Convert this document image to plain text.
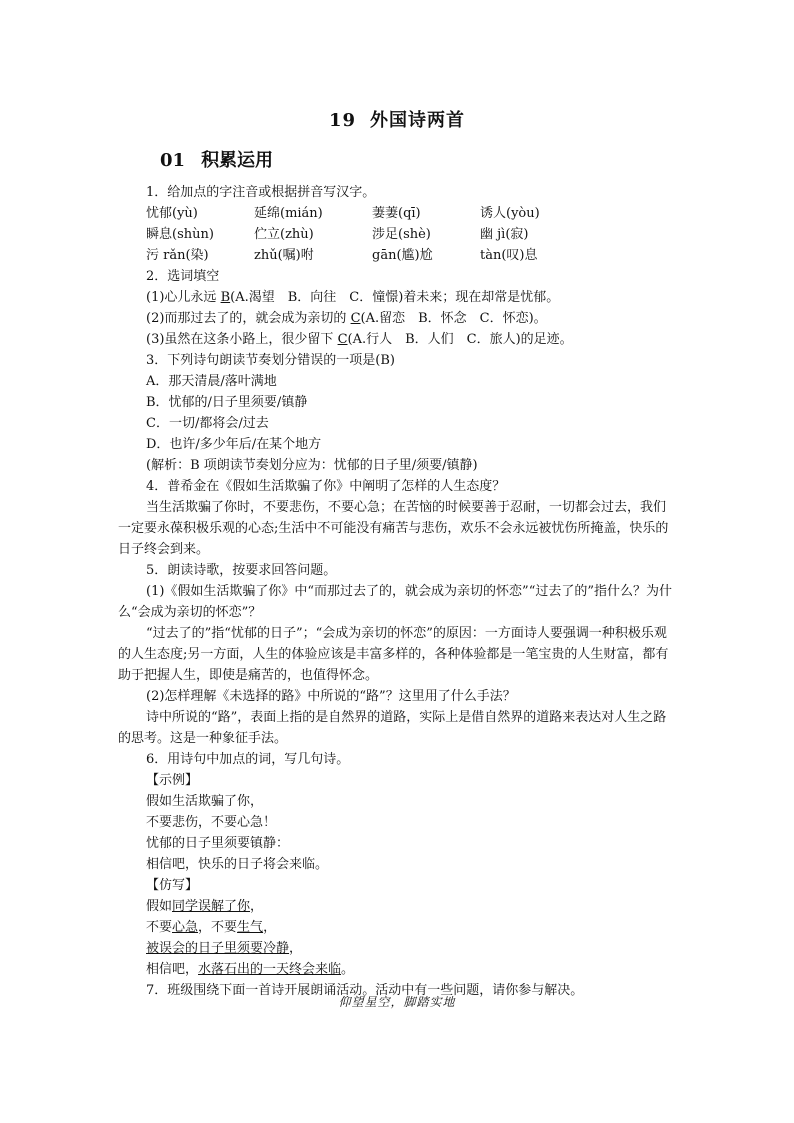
19 外国诗两首
01 积累运用
1．给加点的字注音或根据拼音写汉字。
忧郁(yù)	延绵(mián)	萋萋(qī)	诱人(yòu)
瞬息(shùn)	伫立(zhù)	涉足(shè)	幽 jì(寂)
污 rǎn(染)	zhǔ(嘱)咐	gān(尴)尬	tàn(叹)息
2．选词填空
(1)心儿永远 B(A.渴望　B．向往　C．憧憬)着未来；现在却常是忧郁。
(2)而那过去了的，就会成为亲切的 C(A.留恋　B．怀念　C．怀恋)。
(3)虽然在这条小路上，很少留下 C(A.行人　B．人们　C．旅人)的足迹。
3．下列诗句朗读节奏划分错误的一项是(B)
A．那天清晨/落叶满地
B．忧郁的/日子里须要/镇静
C．一切/都将会/过去
D．也许/多少年后/在某个地方
(解析：B 项朗读节奏划分应为：忧郁的日子里/须要/镇静)
4．普希金在《假如生活欺骗了你》中阐明了怎样的人生态度？
当生活欺骗了你时，不要悲伤，不要心急；在苦恼的时候要善于忍耐，一切都会过去，我们一定要永葆积极乐观的心态;生活中不可能没有痛苦与悲伤，欢乐不会永远被忧伤所掩盖，快乐的日子终会到来。
5．朗读诗歌，按要求回答问题。
(1)《假如生活欺骗了你》中“而那过去了的，就会成为亲切的怀恋”“过去了的”指什么？为什么“会成为亲切的怀恋”？
“过去了的”指“忧郁的日子”；“会成为亲切的怀恋”的原因：一方面诗人要强调一种积极乐观的人生态度;另一方面，人生的体验应该是丰富多样的，各种体验都是一笔宝贵的人生财富，都有助于把握人生，即使是痛苦的，也值得怀念。
(2)怎样理解《未选择的路》中所说的“路”？这里用了什么手法？
诗中所说的“路”，表面上指的是自然界的道路，实际上是借自然界的道路来表达对人生之路的思考。这是一种象征手法。
6．用诗句中加点的词，写几句诗。
【示例】
假如生活欺骗了你，
不要悲伤，不要心急！
忧郁的日子里须要镇静：
相信吧，快乐的日子将会来临。
【仿写】
假如同学误解了你，
不要心急，不要生气，
被误会的日子里须要冷静，
相信吧，水落石出的一天终会来临。
7．班级围绕下面一首诗开展朗诵活动。活动中有一些问题，请你参与解决。
仰望星空，脚踏实地
